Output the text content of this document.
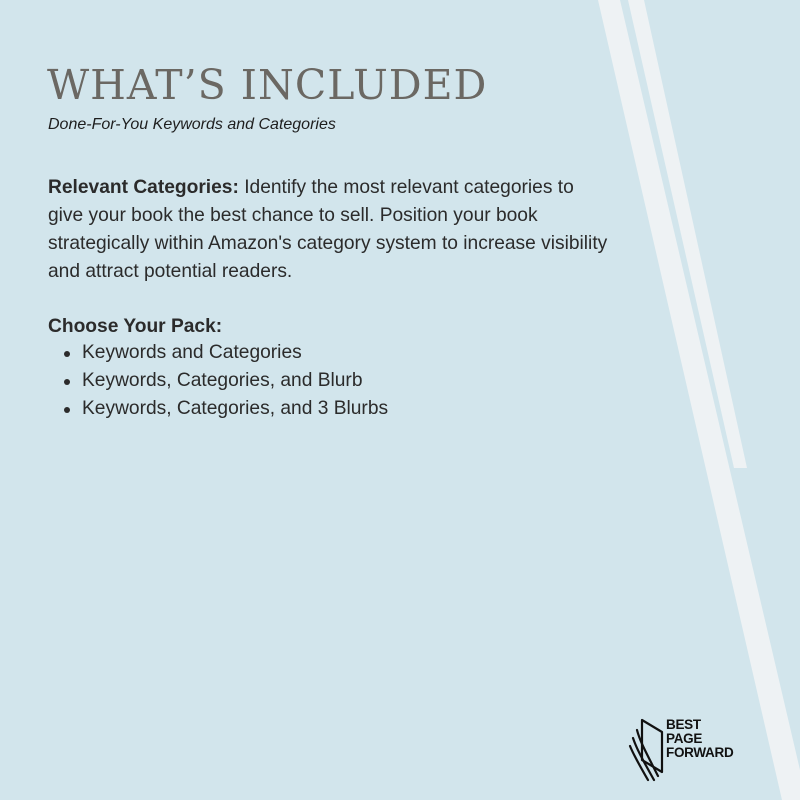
WHAT’S INCLUDED

Done-For-You Keywords and Categories

Relevant Categories: Identify the most relevant categories to give your book the best chance to sell. Position your book strategically within Amazon's category system to increase visibility and attract potential readers.

Choose Your Pack:

Keywords and Categories
Keywords, Categories, and Blurb
Keywords, Categories, and 3 Blurbs
BEST
PAGE
FORWARD
